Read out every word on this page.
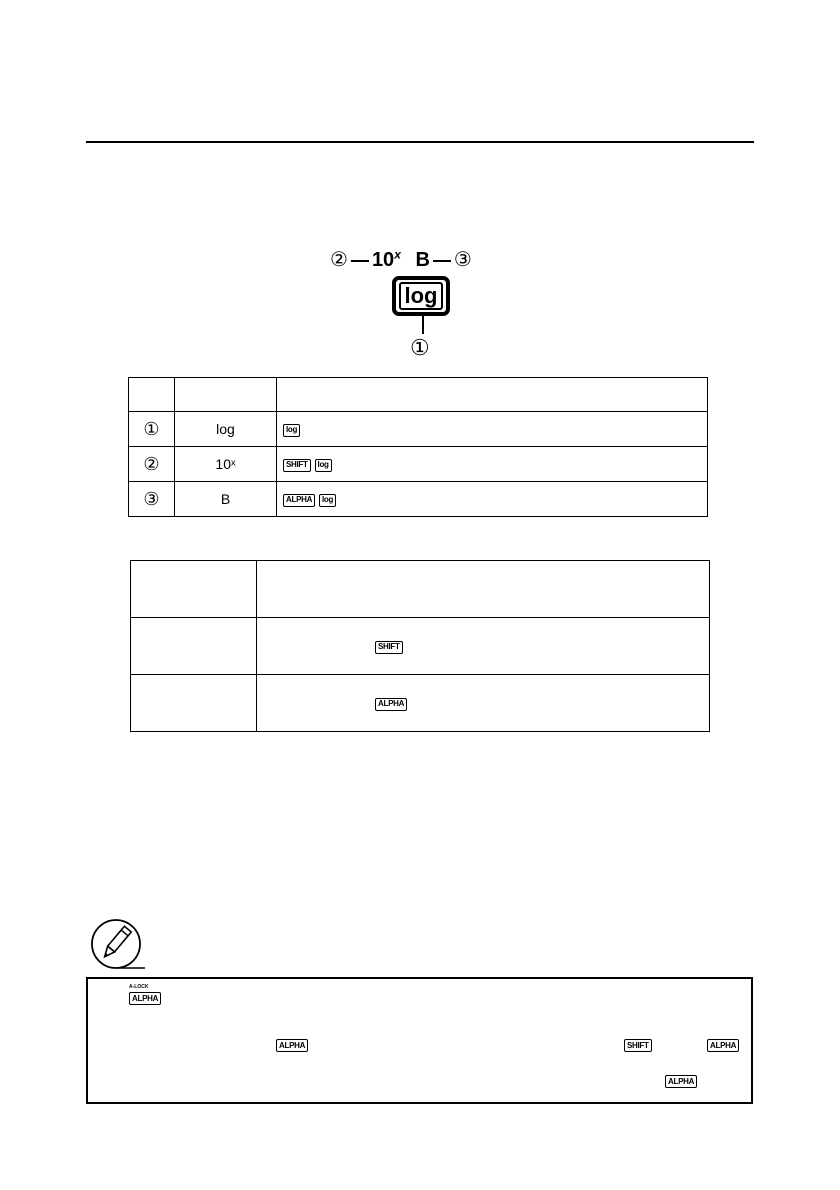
② 10$^x$ B ③
log
①

①	log	log
②	10ˣ	SHIFT log
③	B	ALPHA log

	SHIFT
	ALPHA
A-LOCK
ALPHA
ALPHA	SHIFT	ALPHA
ALPHA
